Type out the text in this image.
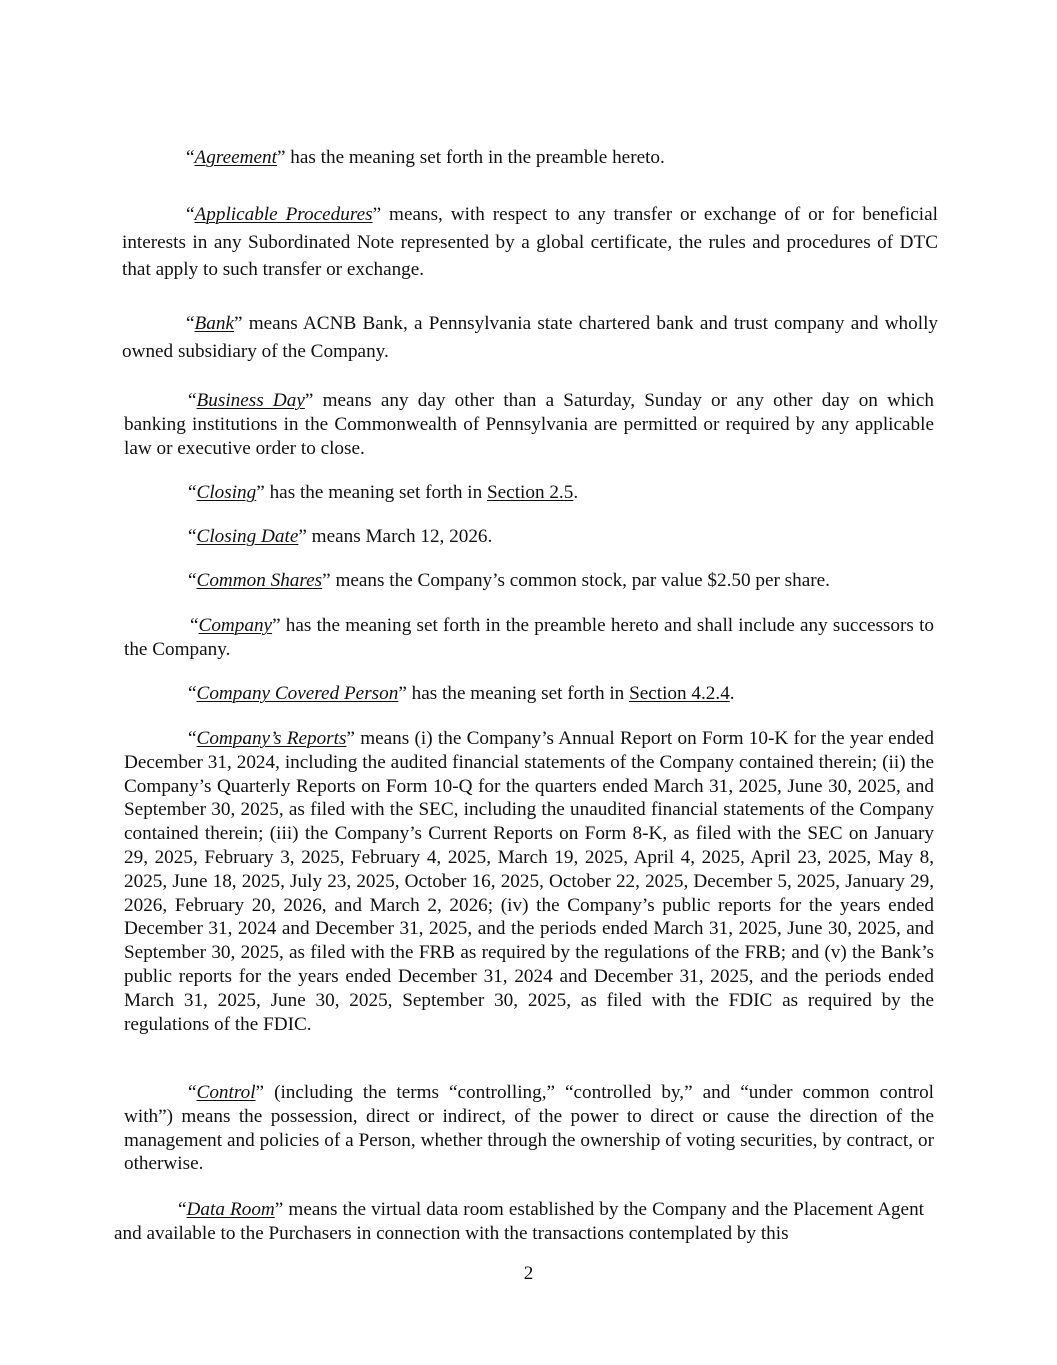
“Agreement” has the meaning set forth in the preamble hereto.

“Applicable Procedures” means, with respect to any transfer or exchange of or for beneficial interests in any Subordinated Note represented by a global certificate, the rules and procedures of DTC that apply to such transfer or exchange.

“Bank” means ACNB Bank, a Pennsylvania state chartered bank and trust company and wholly owned subsidiary of the Company.

“Business Day” means any day other than a Saturday, Sunday or any other day on which banking institutions in the Commonwealth of Pennsylvania are permitted or required by any applicable law or executive order to close.

“Closing” has the meaning set forth in Section 2.5.

“Closing Date” means March 12, 2026.

“Common Shares” means the Company’s common stock, par value $2.50 per share.

“Company” has the meaning set forth in the preamble hereto and shall include any successors to the Company.

“Company Covered Person” has the meaning set forth in Section 4.2.4.

“Company’s Reports” means (i) the Company’s Annual Report on Form 10-K for the year ended December 31, 2024, including the audited financial statements of the Company contained therein; (ii) the Company’s Quarterly Reports on Form 10-Q for the quarters ended March 31, 2025, June 30, 2025, and September 30, 2025, as filed with the SEC, including the unaudited financial statements of the Company contained therein; (iii) the Company’s Current Reports on Form 8-K, as filed with the SEC on January 29, 2025, February 3, 2025, February 4, 2025, March 19, 2025, April 4, 2025, April 23, 2025, May 8, 2025, June 18, 2025, July 23, 2025, October 16, 2025, October 22, 2025, December 5, 2025, January 29, 2026, February 20, 2026, and March 2, 2026; (iv) the Company’s public reports for the years ended December 31, 2024 and December 31, 2025, and the periods ended March 31, 2025, June 30, 2025, and September 30, 2025, as filed with the FRB as required by the regulations of the FRB; and (v) the Bank’s public reports for the years ended December 31, 2024 and December 31, 2025, and the periods ended March 31, 2025, June 30, 2025, September 30, 2025, as filed with the FDIC as required by the regulations of the FDIC.

“Control” (including the terms “controlling,” “controlled by,” and “under common control with”) means the possession, direct or indirect, of the power to direct or cause the direction of the management and policies of a Person, whether through the ownership of voting securities, by contract, or otherwise.

“Data Room” means the virtual data room established by the Company and the Placement Agent and available to the Purchasers in connection with the transactions contemplated by this

2
